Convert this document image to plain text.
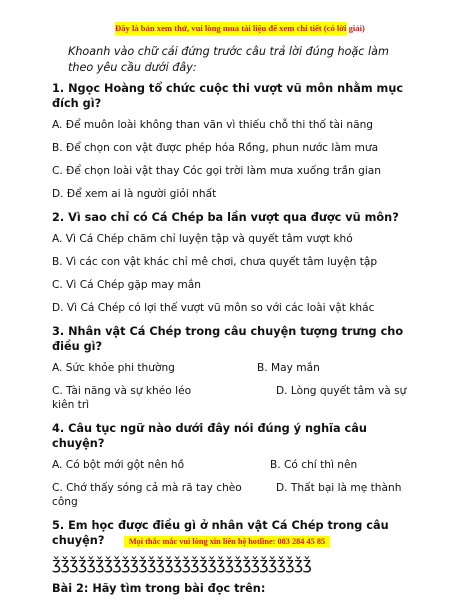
Đây là bản xem thử, vui lòng mua tài liệu để xem chi tiết (có lời giải)

Khoanh vào chữ cái đứng trước câu trả lời đúng hoặc làm theo yêu cầu dưới đây:

1. Ngọc Hoàng tổ chức cuộc thi vượt vũ môn nhằm mục đích gì?

A. Để muôn loài không than vãn vì thiếu chỗ thi thố tài năng

B. Để chọn con vật được phép hóa Rồng, phun nước làm mưa

C. Để chọn loài vật thay Cóc gọi trời làm mưa xuống trần gian

D. Để xem ai là người giỏi nhất

2. Vì sao chỉ có Cá Chép ba lần vượt qua được vũ môn?

A. Vì Cá Chép chăm chỉ luyện tập và quyết tâm vượt khó

B. Vì các con vật khác chỉ mê chơi, chưa quyết tâm luyện tập

C. Vì Cá Chép gặp may mắn

D. Vì Cá Chép có lợi thế vượt vũ môn so với các loài vật khác

3. Nhân vật Cá Chép trong câu chuyện tượng trưng cho điều gì?

A. Sức khỏe phi thường	B. May mắn
C. Tài năng và sự khéo léo	D. Lòng quyết tâm và sự

kiên trì

4. Câu tục ngữ nào dưới đây nói đúng ý nghĩa câu chuyện?

A. Có bột mới gột nên hồ	B. Có chí thì nên
C. Chớ thấy sóng cả mà rã tay chèo	D. Thất bại là mẹ thành

công

5. Em học được điều gì ở nhân vật Cá Chép trong câu chuyện?

ǯǯǯǯǯǯǯǯǯǯǯǯǯǯǯǯǯǯǯǯǯǯǯǯǯǯǯǯǯǯ

Bài 2: Hãy tìm trong bài đọc trên:

Mọi thắc mắc vui lòng xin liên hệ hotline: 083 284 45 85
